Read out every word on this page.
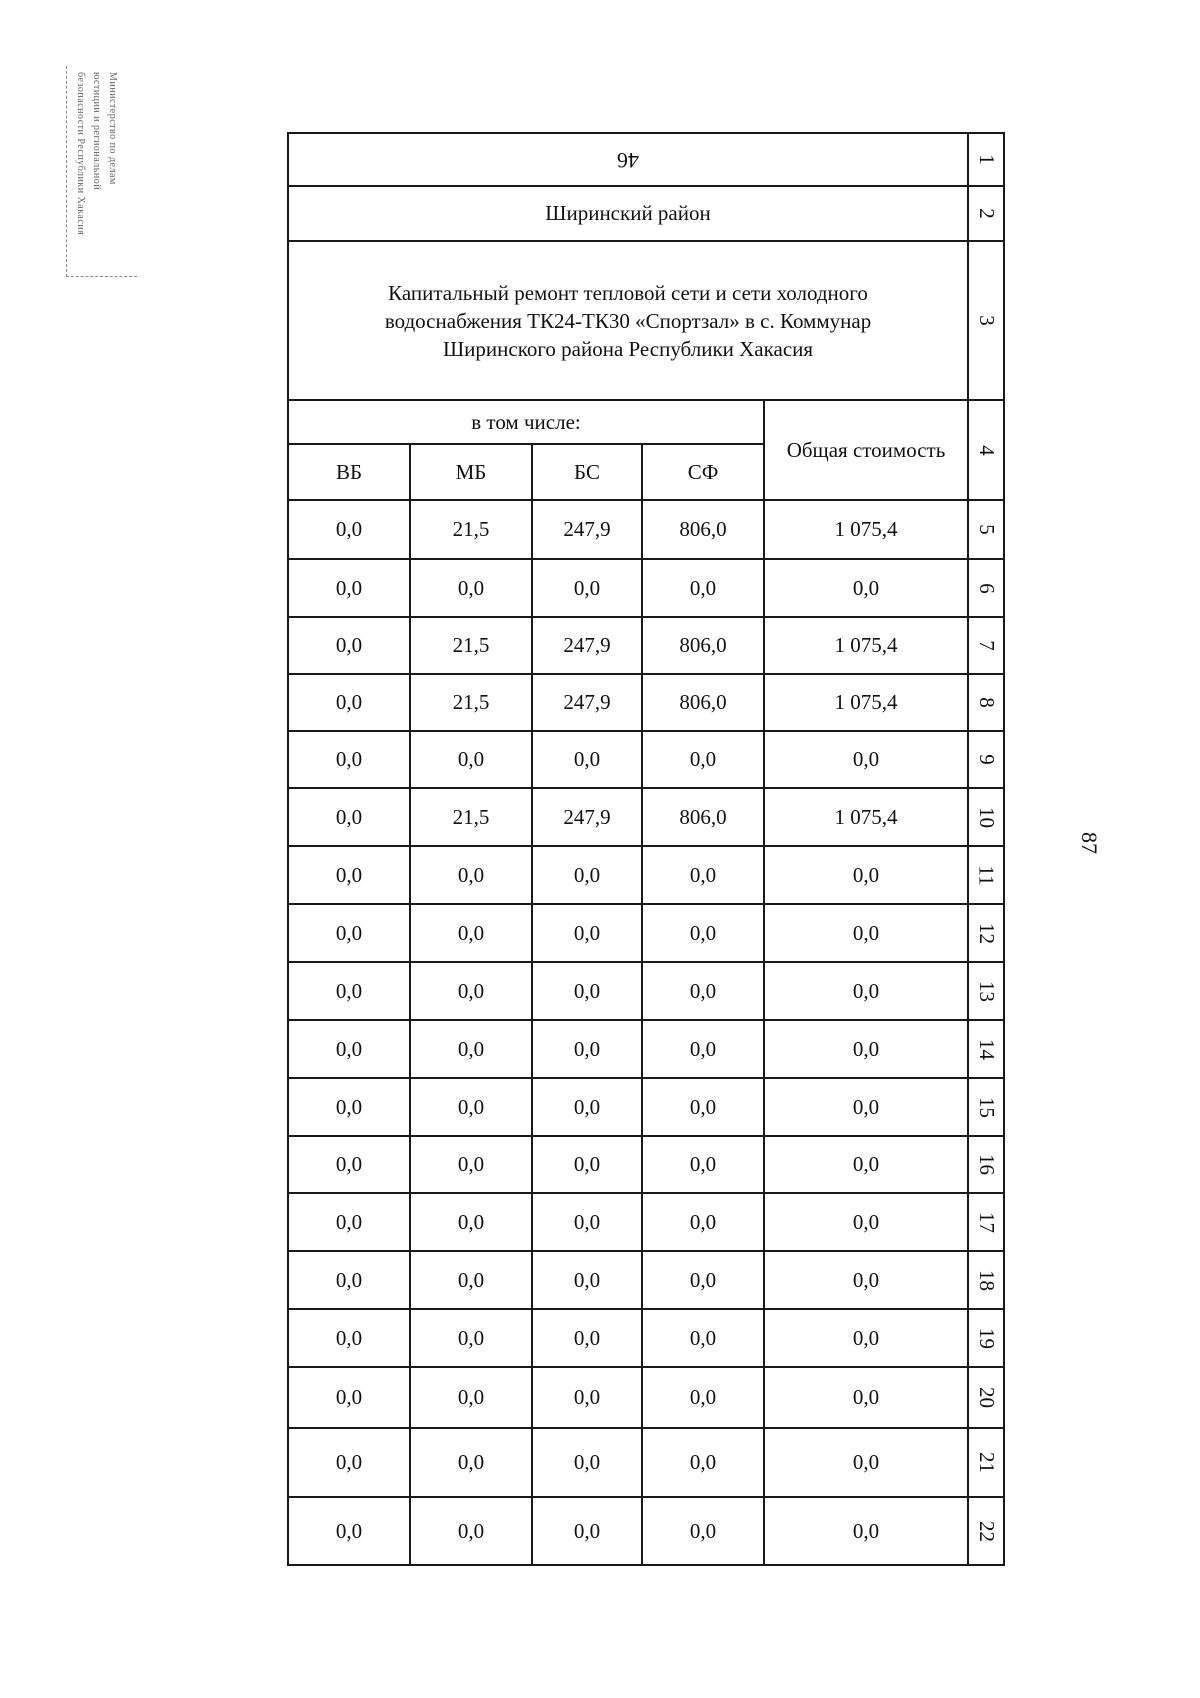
Министерство по делам
юстиции и региональной
безопасности Республики Хакасия	46					1
Ширинский район					2

Капитальный ремонт тепловой сети и сети холодного
водоснабжения ТК24-ТК30 «Спортзал» в с. Коммунар
Ширинского района Республики Хакасия					3
в том числе:				Общая стоимость	4
ВБ	МБ	БС	СФ		
0,0	21,5	247,9	806,0	1 075,4	5
0,0	0,0	0,0	0,0	0,0	6
0,0	21,5	247,9	806,0	1 075,4	7
0,0	21,5	247,9	806,0	1 075,4	8
0,0	0,0	0,0	0,0	0,0	9
0,0	21,5	247,9	806,0	1 075,4	10
0,0	0,0	0,0	0,0	0,0	11
0,0	0,0	0,0	0,0	0,0	12
0,0	0,0	0,0	0,0	0,0	13
0,0	0,0	0,0	0,0	0,0	14
0,0	0,0	0,0	0,0	0,0	15
0,0	0,0	0,0	0,0	0,0	16
0,0	0,0	0,0	0,0	0,0	17
0,0	0,0	0,0	0,0	0,0	18
0,0	0,0	0,0	0,0	0,0	19
0,0	0,0	0,0	0,0	0,0	20
0,0	0,0	0,0	0,0	0,0	21
0,0	0,0	0,0	0,0	0,0	22
87
